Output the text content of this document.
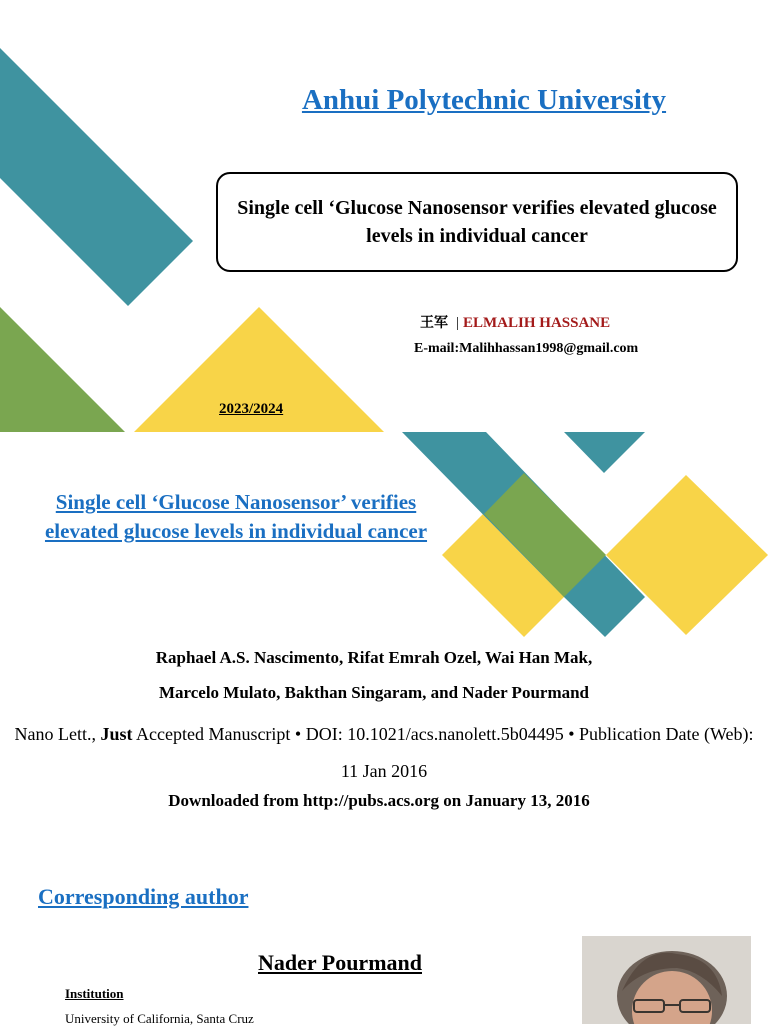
Anhui Polytechnic University
Single cell ‘Glucose Nanosensor verifies elevated glucose levels in individual cancer
王军 | ELMALIH HASSANE
E-mail:Malihhassan1998@gmail.com
2023/2024
Single cell ‘Glucose Nanosensor’ verifies elevated glucose levels in individual cancer
Raphael A.S. Nascimento, Rifat Emrah Ozel, Wai Han Mak,
Marcelo Mulato, Bakthan Singaram, and Nader Pourmand
Nano Lett., Just Accepted Manuscript • DOI: 10.1021/acs.nanolett.5b04495 • Publication Date (Web): 11 Jan 2016
Downloaded from http://pubs.acs.org on January 13, 2016
Corresponding author
Nader Pourmand
Institution
University of California, Santa Cruz
